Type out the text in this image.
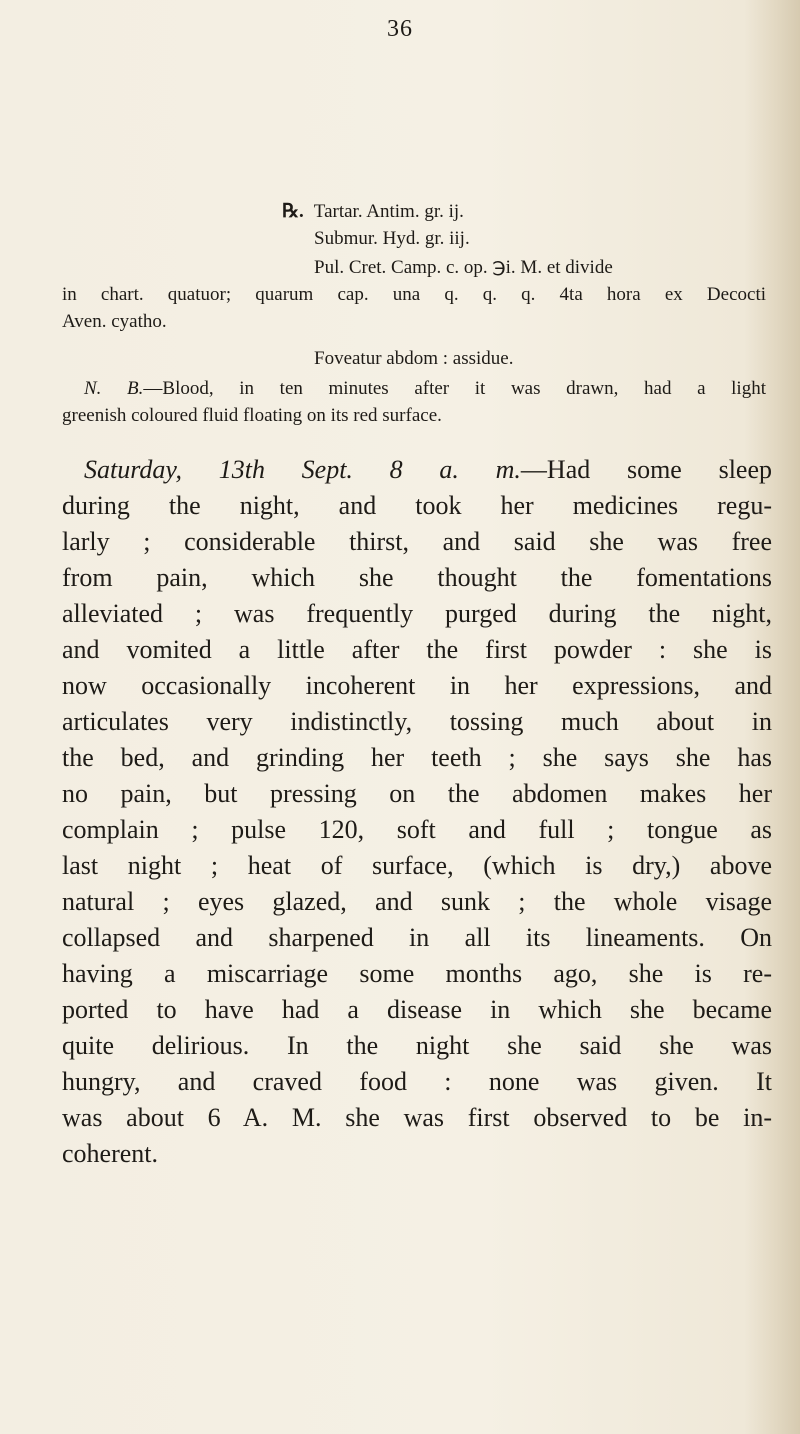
36
℞. Tartar. Antim. gr. ij.
Submur. Hyd. gr. iij.
Pul. Cret. Camp. c. op. ℈i. M. et divide
in chart. quatuor; quarum cap. una q. q. q. 4ta hora ex Decocti
Aven. cyatho.
Foveatur abdom : assidue.
N. B.—Blood, in ten minutes after it was drawn, had a light
greenish coloured fluid floating on its red surface.
Saturday, 13th Sept. 8 a. m.—Had some sleep
during the night, and took her medicines regu-
larly ; considerable thirst, and said she was free
from pain, which she thought the fomentations
alleviated ; was frequently purged during the night,
and vomited a little after the first powder : she is
now occasionally incoherent in her expressions, and
articulates very indistinctly, tossing much about in
the bed, and grinding her teeth ; she says she has
no pain, but pressing on the abdomen makes her
complain ; pulse 120, soft and full ; tongue as
last night ; heat of surface, (which is dry,) above
natural ; eyes glazed, and sunk ; the whole visage
collapsed and sharpened in all its lineaments. On
having a miscarriage some months ago, she is re-
ported to have had a disease in which she became
quite delirious. In the night she said she was
hungry, and craved food : none was given. It
was about 6 A. M. she was first observed to be in-
coherent.
